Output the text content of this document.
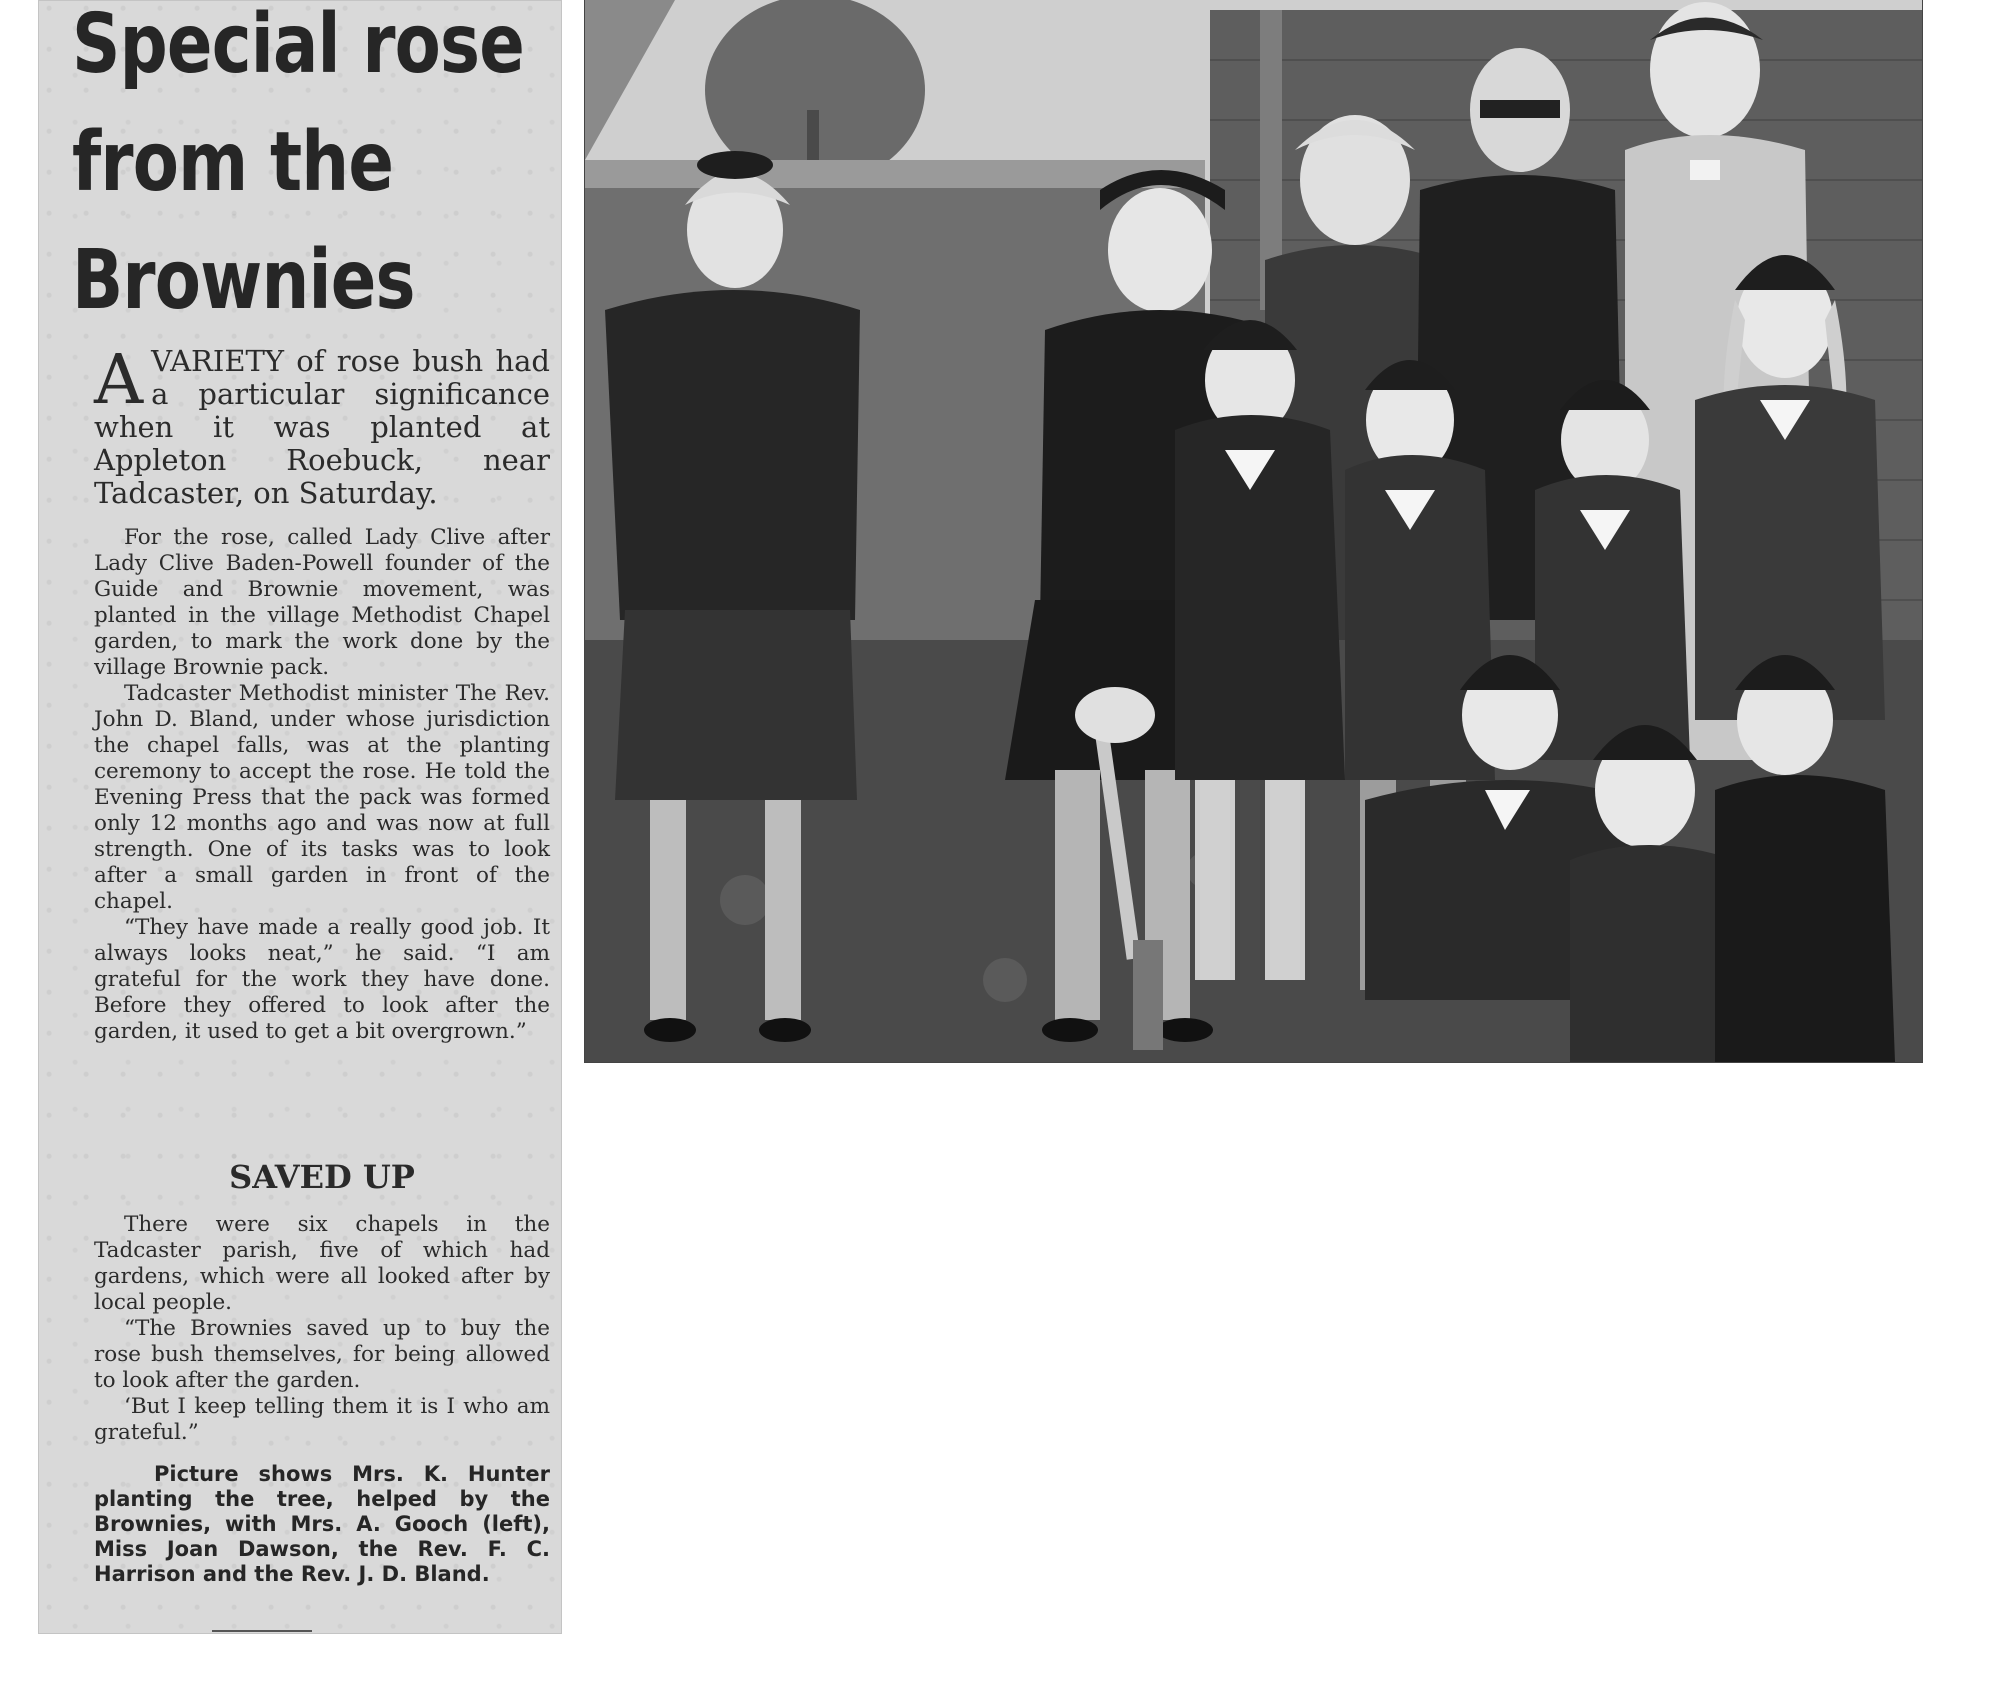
Special rose
from the
Brownies
A VARIETY of rose bush had a particular significance when it was planted at Appleton Roebuck, near Tadcaster, on Saturday.

For the rose, called Lady Clive after Lady Clive Baden-Powell founder of the Guide and Brownie movement, was planted in the village Methodist Chapel garden, to mark the work done by the village Brownie pack.

Tadcaster Methodist minister The Rev. John D. Bland, under whose jurisdiction the chapel falls, was at the planting ceremony to accept the rose. He told the Evening Press that the pack was formed only 12 months ago and was now at full strength. One of its tasks was to look after a small garden in front of the chapel.

“They have made a really good job. It always looks neat,” he said. “I am grateful for the work they have done. Before they offered to look after the garden, it used to get a bit overgrown.”

SAVED UP

There were six chapels in the Tadcaster parish, five of which had gardens, which were all looked after by local people.

“The Brownies saved up to buy the rose bush themselves, for being allowed to look after the garden.

‘But I keep telling them it is I who am grateful.”

Picture shows Mrs. K. Hunter planting the tree, helped by the Brownies, with Mrs. A. Gooch (left), Miss Joan Dawson, the Rev. F. C. Harrison and the Rev. J. D. Bland.
